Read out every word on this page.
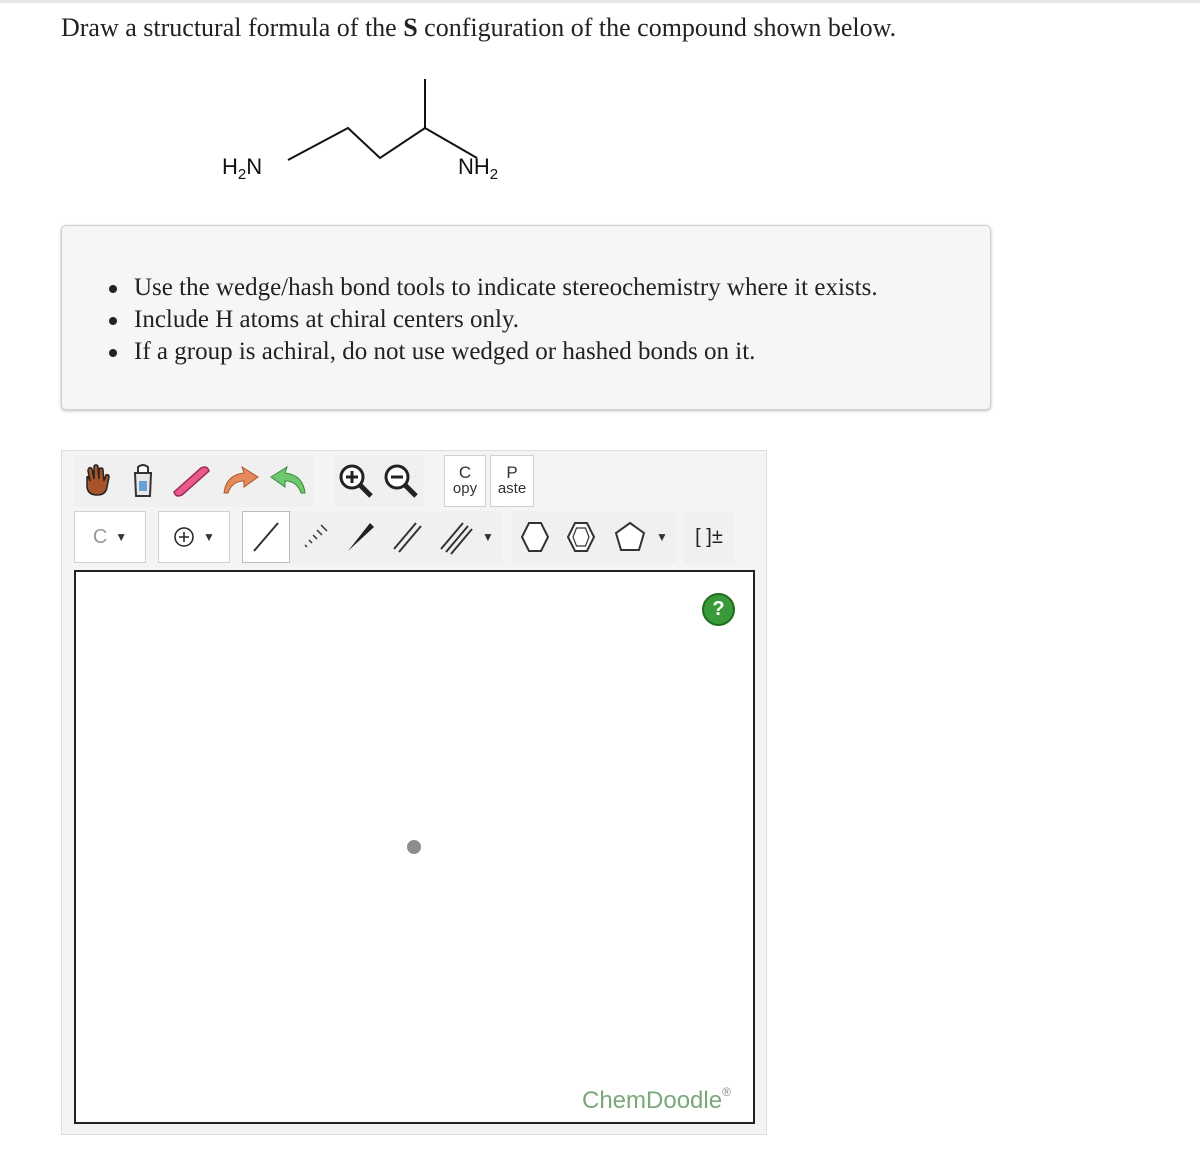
Draw a structural formula of the S configuration of the compound shown below.
$H_2N$	$NH_2$
Use the wedge/hash bond tools to indicate stereochemistry where it exists.
Include H atoms at chiral centers only.
If a group is achiral, do not use wedged or hashed bonds on it.
C
opy
P
aste
C ▼	▼	▼	▼ [ ]±
?
ChemDoodle®
